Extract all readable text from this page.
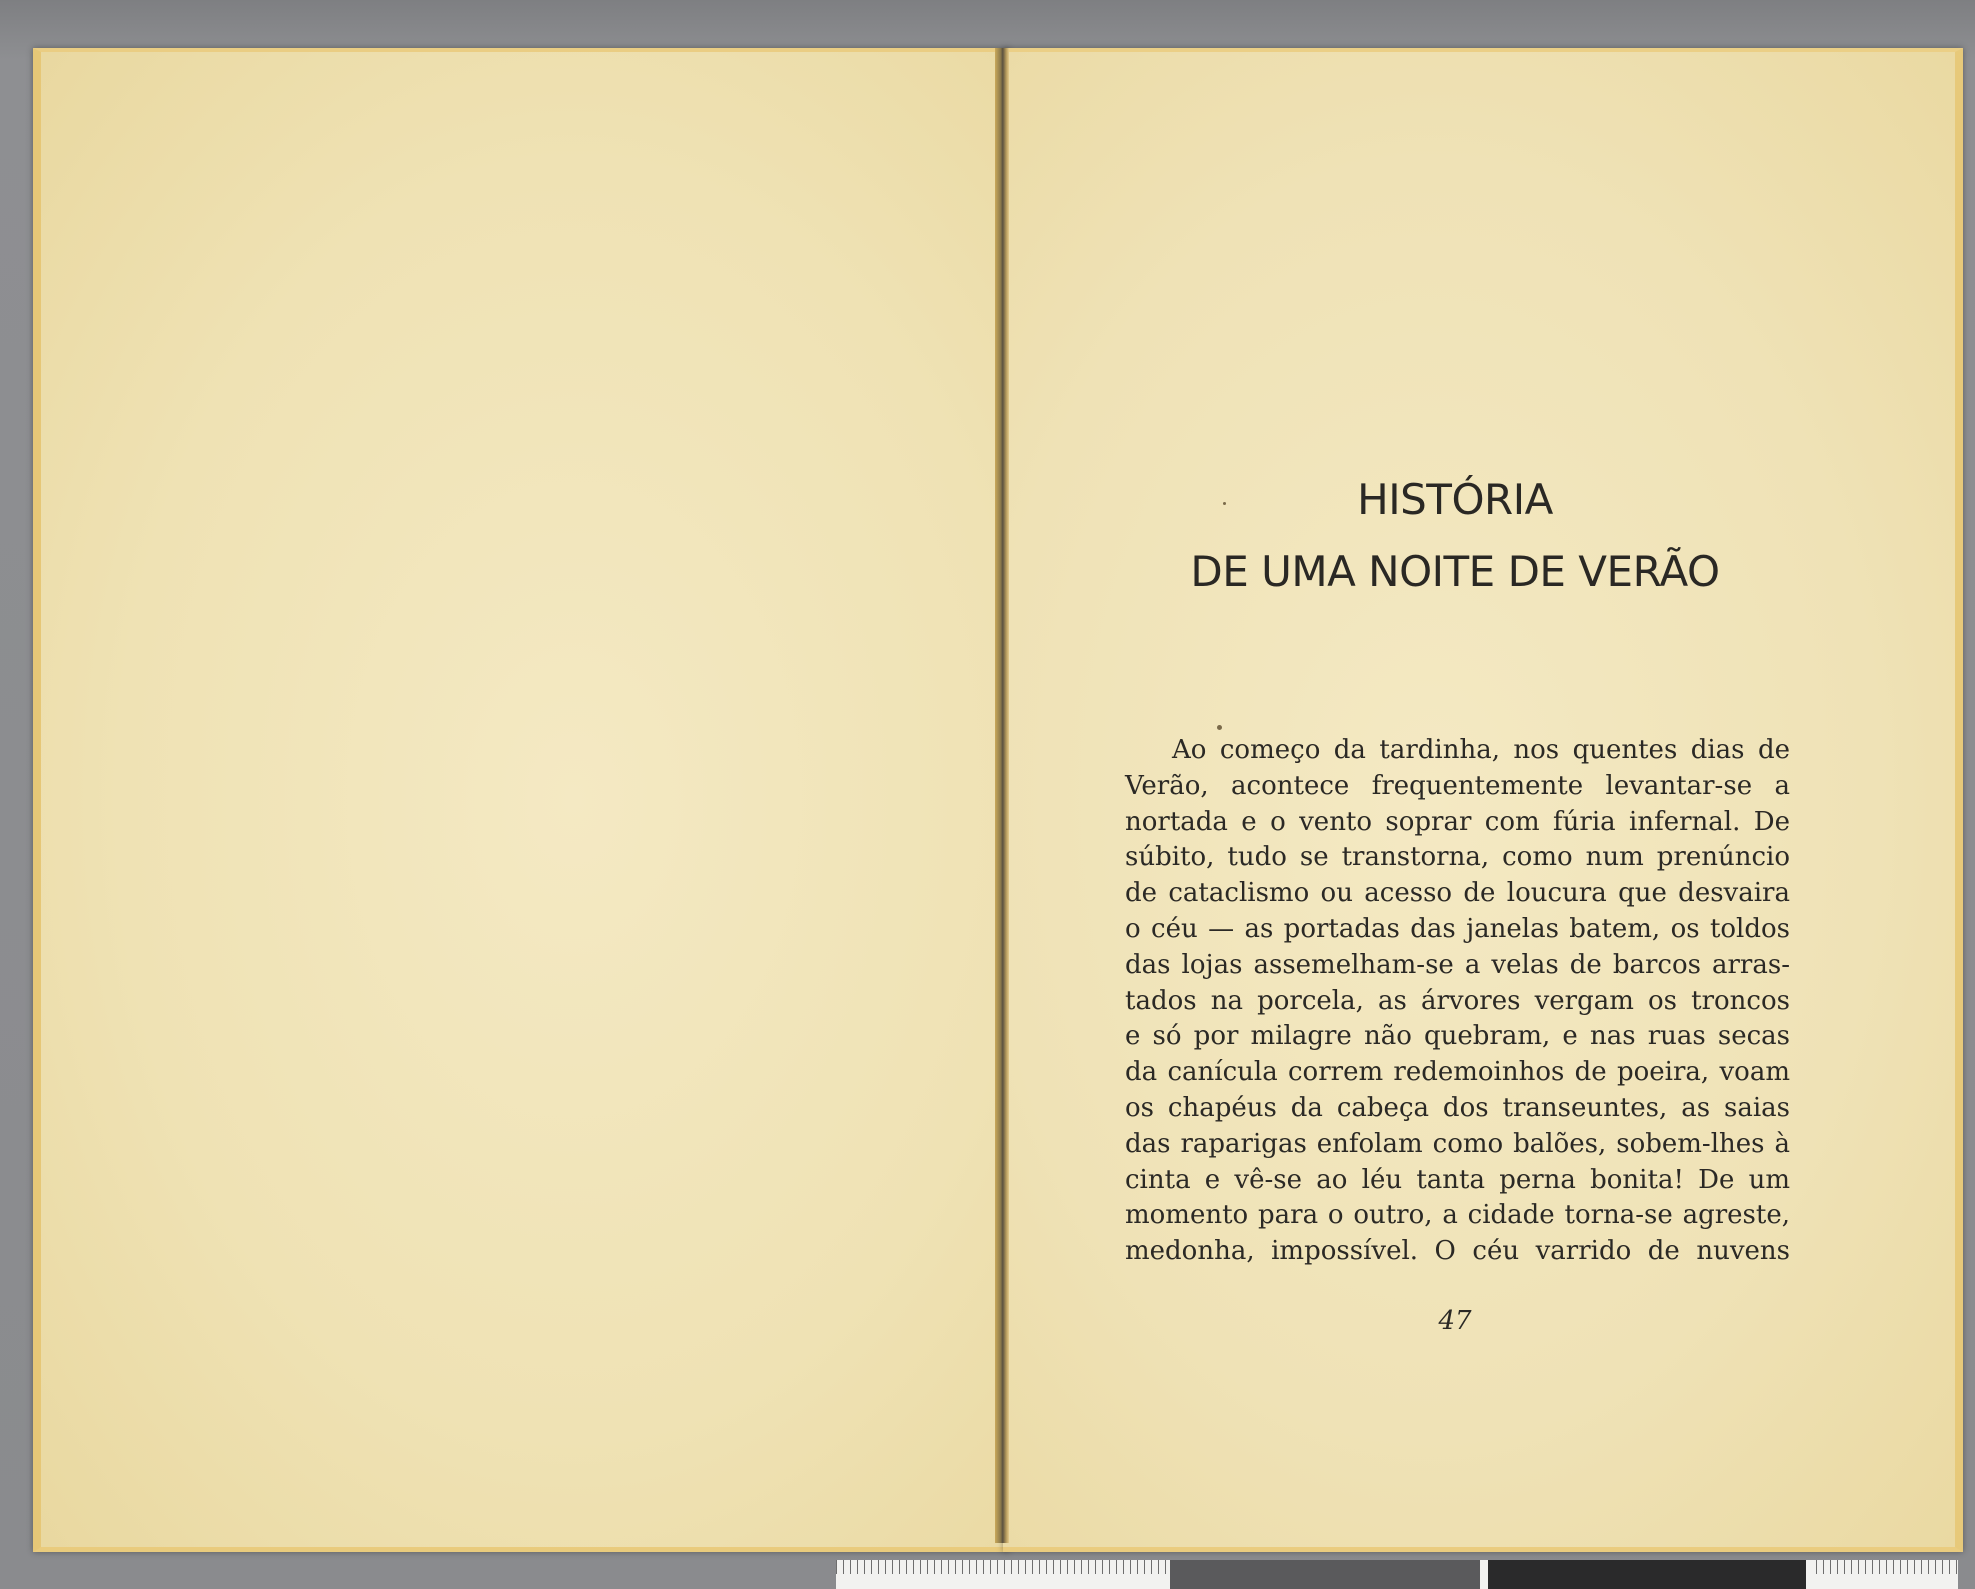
HISTÓRIA
DE UMA NOITE DE VERÃO
Ao começo da tardinha, nos quentes dias de
Verão, acontece frequentemente levantar-se a
nortada e o vento soprar com fúria infernal. De
súbito, tudo se transtorna, como num prenúncio
de cataclismo ou acesso de loucura que desvaira
o céu — as portadas das janelas batem, os toldos
das lojas assemelham-se a velas de barcos arras-
tados na porcela, as árvores vergam os troncos
e só por milagre não quebram, e nas ruas secas
da canícula correm redemoinhos de poeira, voam
os chapéus da cabeça dos transeuntes, as saias
das raparigas enfolam como balões, sobem-lhes à
cinta e vê-se ao léu tanta perna bonita! De um
momento para o outro, a cidade torna-se agreste,
medonha, impossível. O céu varrido de nuvens
47
